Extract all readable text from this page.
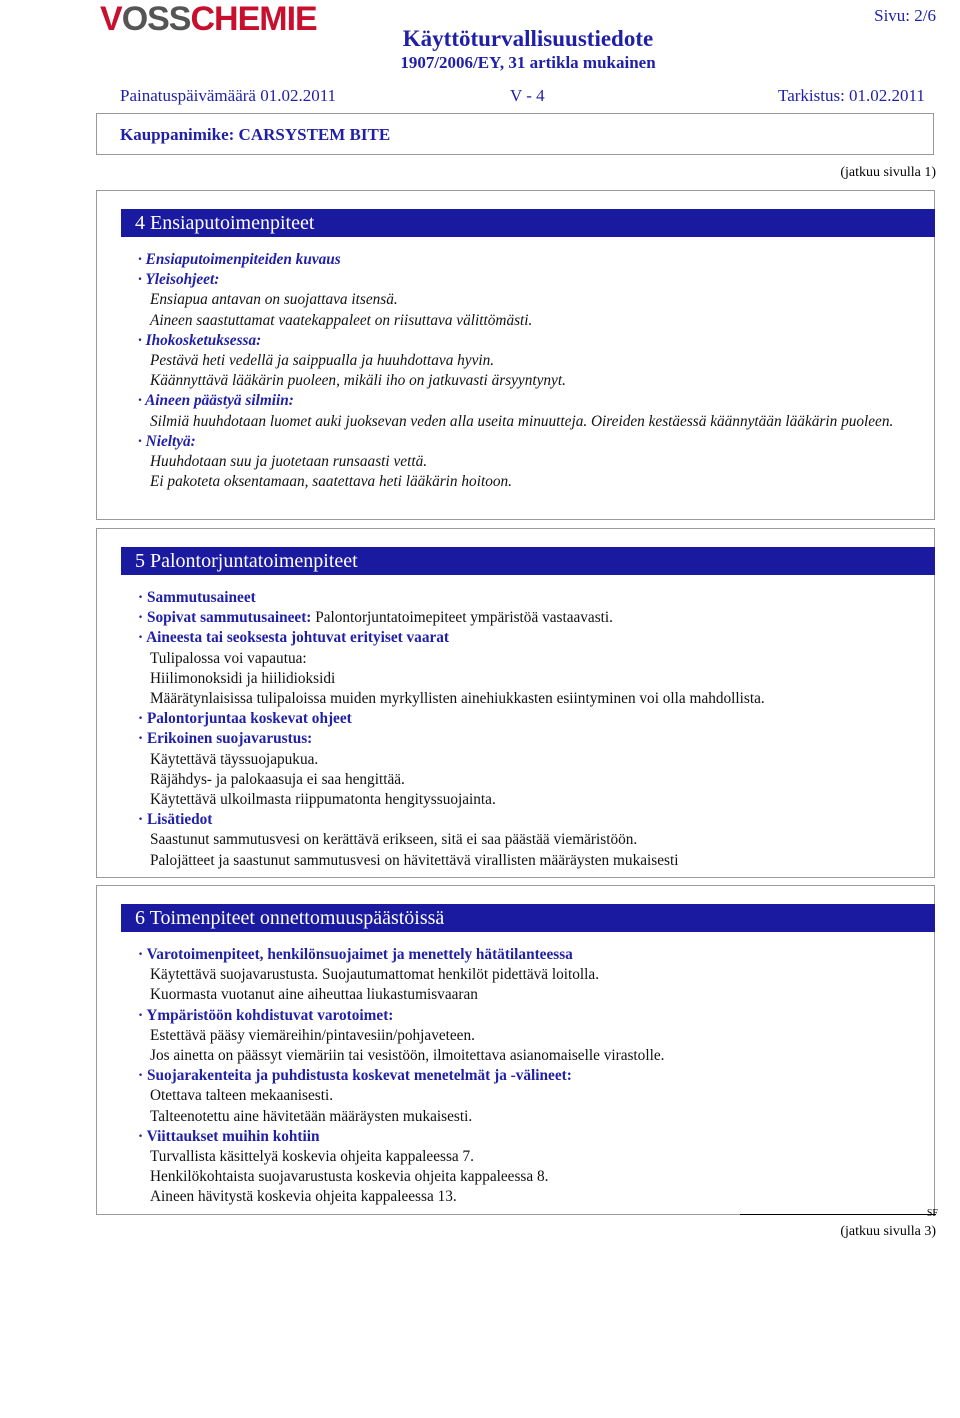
VOSSCHEMIE
Käyttöturvallisuustiedote
1907/2006/EY, 31 artikla mukainen
Sivu: 2/6
Painatuspäivämäärä 01.02.2011	V - 4	Tarkistus: 01.02.2011
Kauppanimike: CARSYSTEM BITE
(jatkuu sivulla 1)
4 Ensiaputoimenpiteet
· Ensiaputoimenpiteiden kuvaus
· Yleisohjeet:
Ensiapua antavan on suojattava itsensä.
Aineen saastuttamat vaatekappaleet on riisuttava välittömästi.
· Ihokosketuksessa:
Pestävä heti vedellä ja saippualla ja huuhdottava hyvin.
Käännyttävä lääkärin puoleen, mikäli iho on jatkuvasti ärsyyntynyt.
· Aineen päästyä silmiin:
Silmiä huuhdotaan luomet auki juoksevan veden alla useita minuutteja. Oireiden kestäessä käännytään lääkärin puoleen.
· Nieltyä:
Huuhdotaan suu ja juotetaan runsaasti vettä.
Ei pakoteta oksentamaan, saatettava heti lääkärin hoitoon.
5 Palontorjuntatoimenpiteet
· Sammutusaineet
· Sopivat sammutusaineet: Palontorjuntatoimepiteet ympäristöä vastaavasti.
· Aineesta tai seoksesta johtuvat erityiset vaarat
Tulipalossa voi vapautua:
Hiilimonoksidi ja hiilidioksidi
Määrätynlaisissa tulipaloissa muiden myrkyllisten ainehiukkasten esiintyminen voi olla mahdollista.
· Palontorjuntaa koskevat ohjeet
· Erikoinen suojavarustus:
Käytettävä täyssuojapukua.
Räjähdys- ja palokaasuja ei saa hengittää.
Käytettävä ulkoilmasta riippumatonta hengityssuojainta.
· Lisätiedot
Saastunut sammutusvesi on kerättävä erikseen, sitä ei saa päästää viemäristöön.
Palojätteet ja saastunut sammutusvesi on hävitettävä virallisten määräysten mukaisesti
6 Toimenpiteet onnettomuuspäästöissä
· Varotoimenpiteet, henkilönsuojaimet ja menettely hätätilanteessa
Käytettävä suojavarustusta. Suojautumattomat henkilöt pidettävä loitolla.
Kuormasta vuotanut aine aiheuttaa liukastumisvaaran
· Ympäristöön kohdistuvat varotoimet:
Estettävä pääsy viemäreihin/pintavesiin/pohjaveteen.
Jos ainetta on päässyt viemäriin tai vesistöön, ilmoitettava asianomaiselle virastolle.
· Suojarakenteita ja puhdistusta koskevat menetelmät ja -välineet:
Otettava talteen mekaanisesti.
Talteenotettu aine hävitetään määräysten mukaisesti.
· Viittaukset muihin kohtiin
Turvallista käsittelyä koskevia ohjeita kappaleessa 7.
Henkilökohtaista suojavarustusta koskevia ohjeita kappaleessa 8.
Aineen hävitystä koskevia ohjeita kappaleessa 13.
SF
(jatkuu sivulla 3)
